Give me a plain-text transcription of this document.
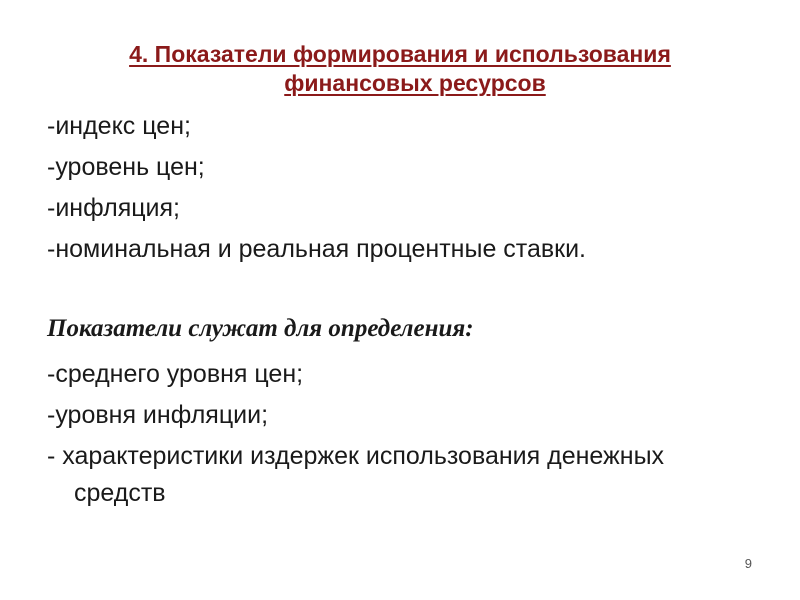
4. Показатели формирования и использования
финансовых ресурсов
-индекс цен;
-уровень цен;
-инфляция;
-номинальная и реальная процентные ставки.
Показатели служат для определения:
-среднего уровня цен;
-уровня инфляции;
- характеристики издержек использования денежных
средств
9
